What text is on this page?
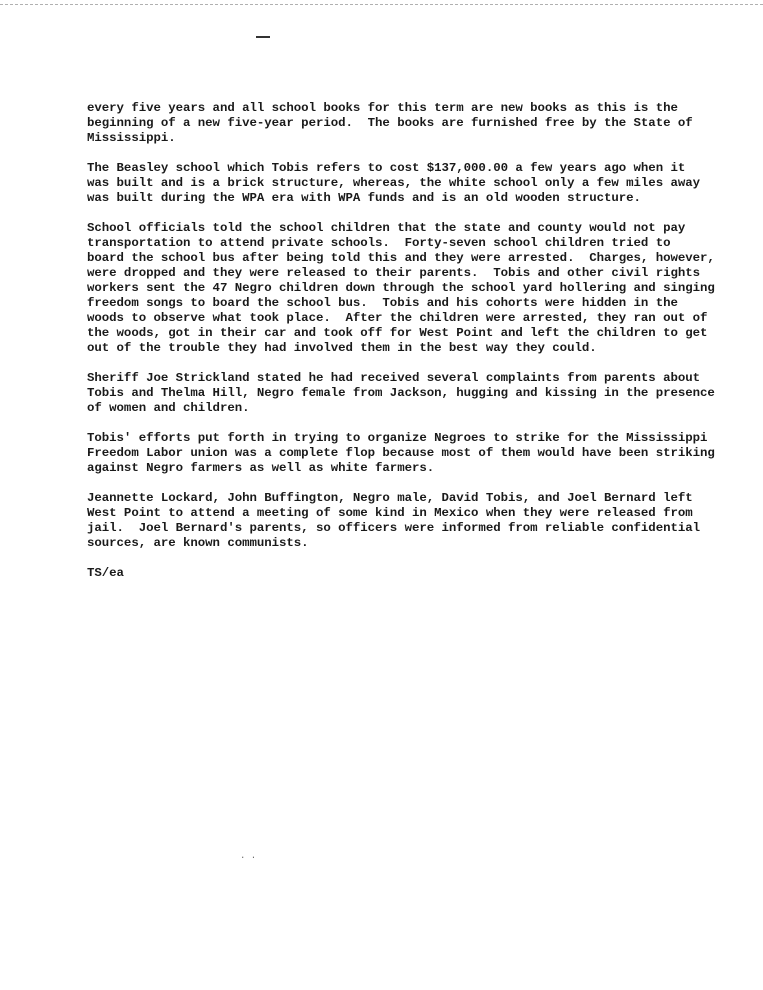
· ·
every five years and all school books for this term are new books as this is the
beginning of a new five-year period.  The books are furnished free by the State of
Mississippi.
The Beasley school which Tobis refers to cost $137,000.00 a few years ago when it
was built and is a brick structure, whereas, the white school only a few miles away
was built during the WPA era with WPA funds and is an old wooden structure.
School officials told the school children that the state and county would not pay
transportation to attend private schools.  Forty-seven school children tried to
board the school bus after being told this and they were arrested.  Charges, however,
were dropped and they were released to their parents.  Tobis and other civil rights
workers sent the 47 Negro children down through the school yard hollering and singing
freedom songs to board the school bus.  Tobis and his cohorts were hidden in the
woods to observe what took place.  After the children were arrested, they ran out of
the woods, got in their car and took off for West Point and left the children to get
out of the trouble they had involved them in the best way they could.
Sheriff Joe Strickland stated he had received several complaints from parents about
Tobis and Thelma Hill, Negro female from Jackson, hugging and kissing in the presence
of women and children.
Tobis' efforts put forth in trying to organize Negroes to strike for the Mississippi
Freedom Labor union was a complete flop because most of them would have been striking
against Negro farmers as well as white farmers.
Jeannette Lockard, John Buffington, Negro male, David Tobis, and Joel Bernard left
West Point to attend a meeting of some kind in Mexico when they were released from
jail.  Joel Bernard's parents, so officers were informed from reliable confidential
sources, are known communists.
TS/ea
